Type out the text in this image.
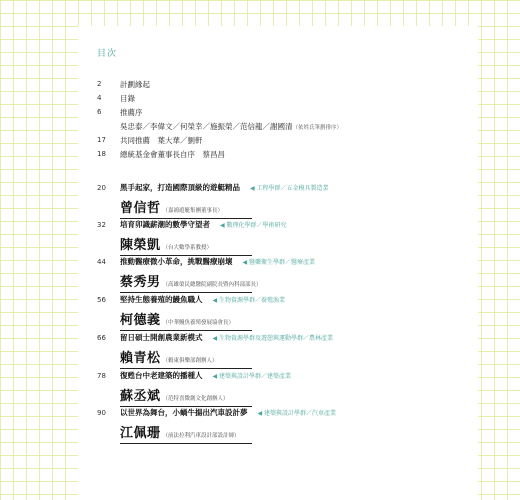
目次
2	計劃緣起
4	目錄
6	推薦序
吳忠泰／李偉文／何榮幸／施振榮／范信龍／謝國清（依姓氏筆劃排序）
17	共同推薦　葉大華／劉軒
18	總統基金會董事長自序　蔡昌昌
20	黑手起家，打造國際頂級的遊艇精品 ◀ 工程學群／五金模具製造業
曾信哲 （嘉鴻遊艇集團董事長）
32	培育卯識薪潮的數學守望者 ◀ 數理化學群／學術研究
陳榮凱 （台大數學系教授）
44	推動醫療微小革命，挑戰醫療崩壞 ◀ 醫藥衛生學群／醫療產業
蔡秀男 （高雄榮民總醫院副院長暨內科部部長）
56	堅持生態養殖的鰻魚職人 ◀ 生物資源學群／養殖漁業
柯德義 （中華鰻魚養殖發展協會長）
66	留日碩士開創農業新模式 ◀ 生物資源學群及遊憩與運動學群／農林產業
賴青松 （穀東俱樂部創辦人）
78	復甦台中老建築的播種人 ◀ 建築與設計學群／建築產業
蘇丞斌 （范特喜微創文化創辦人）
90	以世界為舞台，小蝸牛揚出汽車設計夢 ◀ 建築與設計學群／汽車產業
江佩珊 （前法拉利汽車設計部設計師）
